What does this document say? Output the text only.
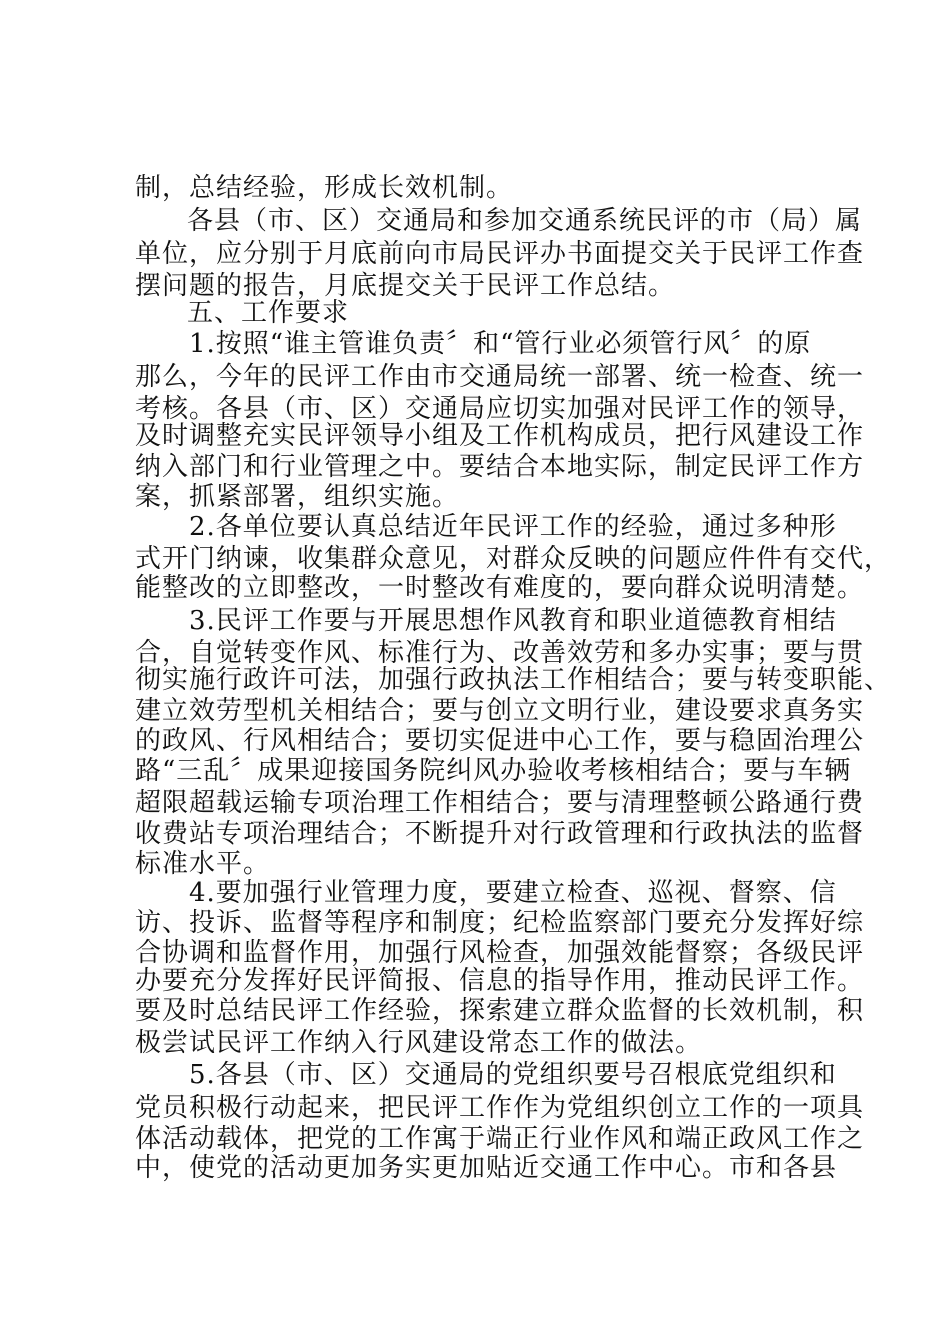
制，总结经验，形成长效机制。
各县（市、区）交通局和参加交通系统民评的市（局）属
单位，应分别于月底前向市局民评办书面提交关于民评工作查
摆问题的报告，月底提交关于民评工作总结。
五、工作要求
1.按照“谁主管谁负责〞和“管行业必须管行风〞的原
那么，今年的民评工作由市交通局统一部署、统一检查、统一
考核。各县（市、区）交通局应切实加强对民评工作的领导，
及时调整充实民评领导小组及工作机构成员，把行风建设工作
纳入部门和行业管理之中。要结合本地实际，制定民评工作方
案，抓紧部署，组织实施。
2.各单位要认真总结近年民评工作的经验，通过多种形
式开门纳谏，收集群众意见，对群众反映的问题应件件有交代，
能整改的立即整改，一时整改有难度的，要向群众说明清楚。
3.民评工作要与开展思想作风教育和职业道德教育相结
合，自觉转变作风、标准行为、改善效劳和多办实事；要与贯
彻实施行政许可法，加强行政执法工作相结合；要与转变职能、
建立效劳型机关相结合；要与创立文明行业，建设要求真务实
的政风、行风相结合；要切实促进中心工作，要与稳固治理公
路“三乱〞成果迎接国务院纠风办验收考核相结合；要与车辆
超限超载运输专项治理工作相结合；要与清理整顿公路通行费
收费站专项治理结合；不断提升对行政管理和行政执法的监督
标准水平。
4.要加强行业管理力度，要建立检查、巡视、督察、信
访、投诉、监督等程序和制度；纪检监察部门要充分发挥好综
合协调和监督作用，加强行风检查，加强效能督察；各级民评
办要充分发挥好民评简报、信息的指导作用，推动民评工作。
要及时总结民评工作经验，探索建立群众监督的长效机制，积
极尝试民评工作纳入行风建设常态工作的做法。
5.各县（市、区）交通局的党组织要号召根底党组织和
党员积极行动起来，把民评工作作为党组织创立工作的一项具
体活动载体，把党的工作寓于端正行业作风和端正政风工作之
中，使党的活动更加务实更加贴近交通工作中心。市和各县
